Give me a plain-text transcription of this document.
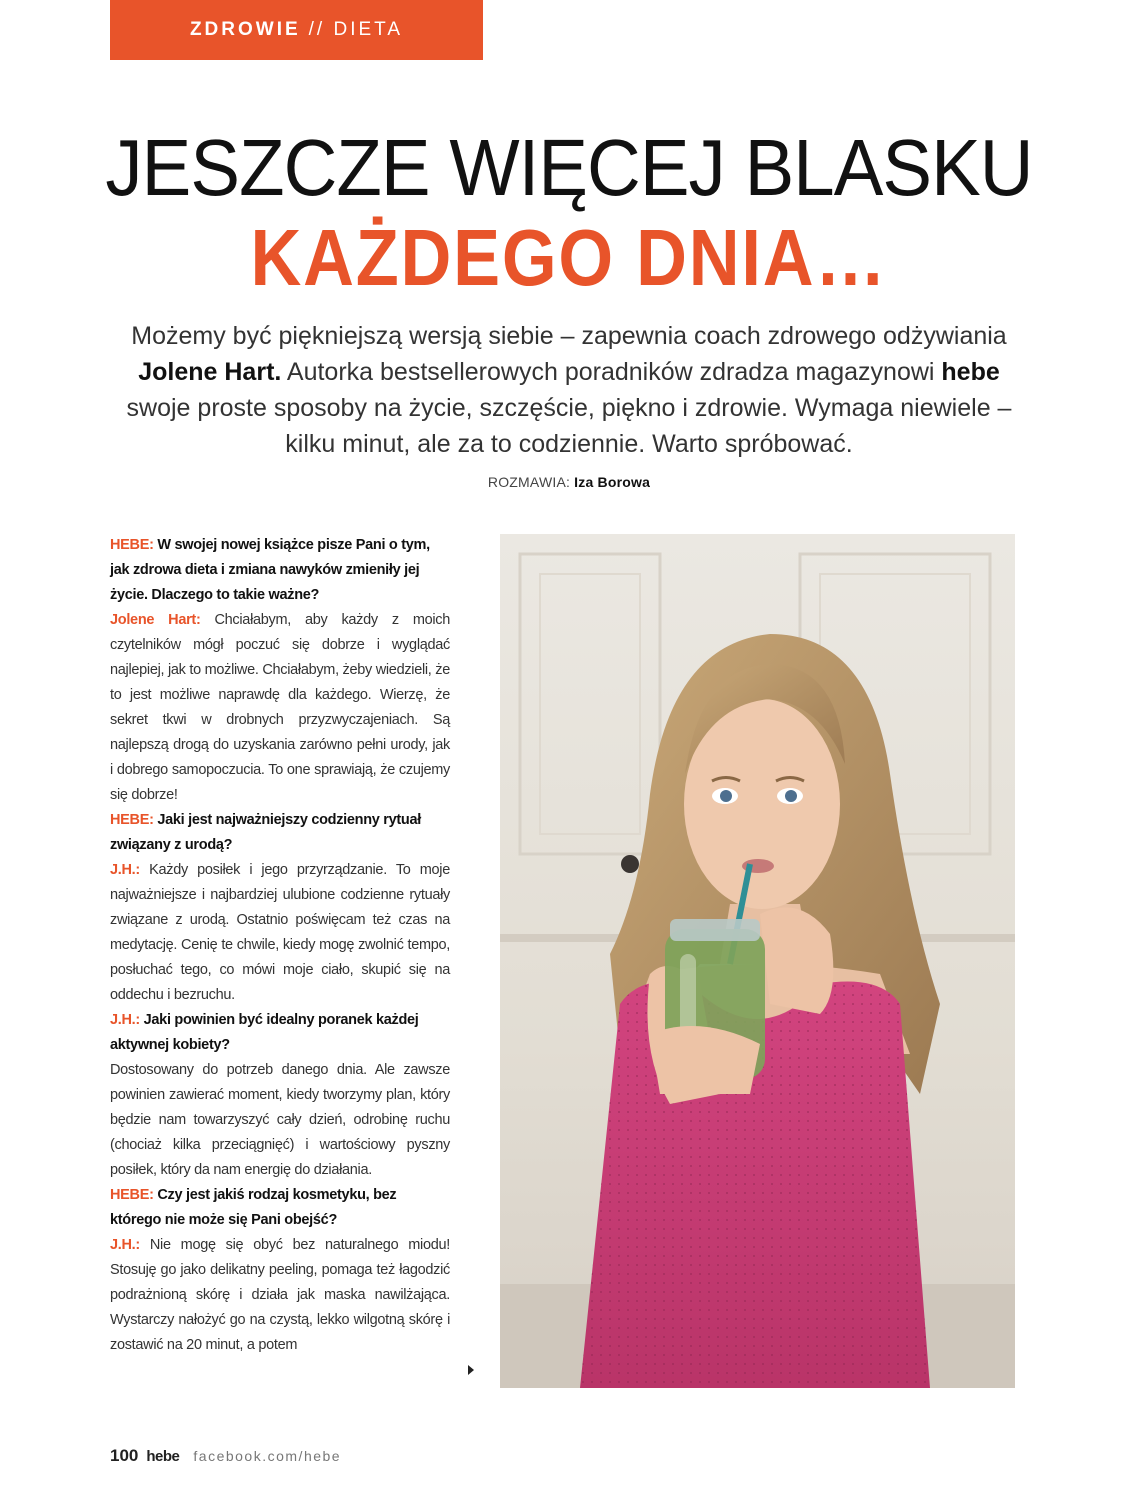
ZDROWIE // DIETA
JESZCZE WIĘCEJ BLASKU
KAŻDEGO DNIA…
Możemy być piękniejszą wersją siebie – zapewnia coach zdrowego odżywiania Jolene Hart. Autorka bestsellerowych poradników zdradza magazynowi hebe swoje proste sposoby na życie, szczęście, piękno i zdrowie. Wymaga niewiele – kilku minut, ale za to codziennie. Warto spróbować.
ROZMAWIA: Iza Borowa

HEBE: W swojej nowej książce pisze Pani o tym, jak zdrowa dieta i zmiana nawyków zmieniły jej życie. Dlaczego to takie ważne?

Jolene Hart: Chciałabym, aby każdy z moich czytelników mógł poczuć się dobrze i wyglądać najlepiej, jak to możliwe. Chciałabym, żeby wiedzieli, że to jest możliwe naprawdę dla każdego. Wierzę, że sekret tkwi w drobnych przyzwyczajeniach. Są najlepszą drogą do uzyskania zarówno pełni urody, jak i dobrego samopoczucia. To one sprawiają, że czujemy się dobrze!

HEBE: Jaki jest najważniejszy codzienny rytuał związany z urodą?

J.H.: Każdy posiłek i jego przyrządzanie. To moje najważniejsze i najbardziej ulubione codzienne rytuały związane z urodą. Ostatnio poświęcam też czas na medytację. Cenię te chwile, kiedy mogę zwolnić tempo, posłuchać tego, co mówi moje ciało, skupić się na oddechu i bezruchu.

J.H.: Jaki powinien być idealny poranek każdej aktywnej kobiety?

Dostosowany do potrzeb danego dnia. Ale zawsze powinien zawierać moment, kiedy tworzymy plan, który będzie nam towarzyszyć cały dzień, odrobinę ruchu (chociaż kilka przeciągnięć) i wartościowy pyszny posiłek, który da nam energię do działania.

HEBE: Czy jest jakiś rodzaj kosmetyku, bez którego nie może się Pani obejść?

J.H.: Nie mogę się obyć bez naturalnego miodu! Stosuję go jako delikatny peeling, pomaga też łagodzić podrażnioną skórę i działa jak maska nawilżająca. Wystarczy nałożyć go na czystą, lekko wilgotną skórę i zostawić na 20 minut, a potem

100 hebe facebook.com/hebe
